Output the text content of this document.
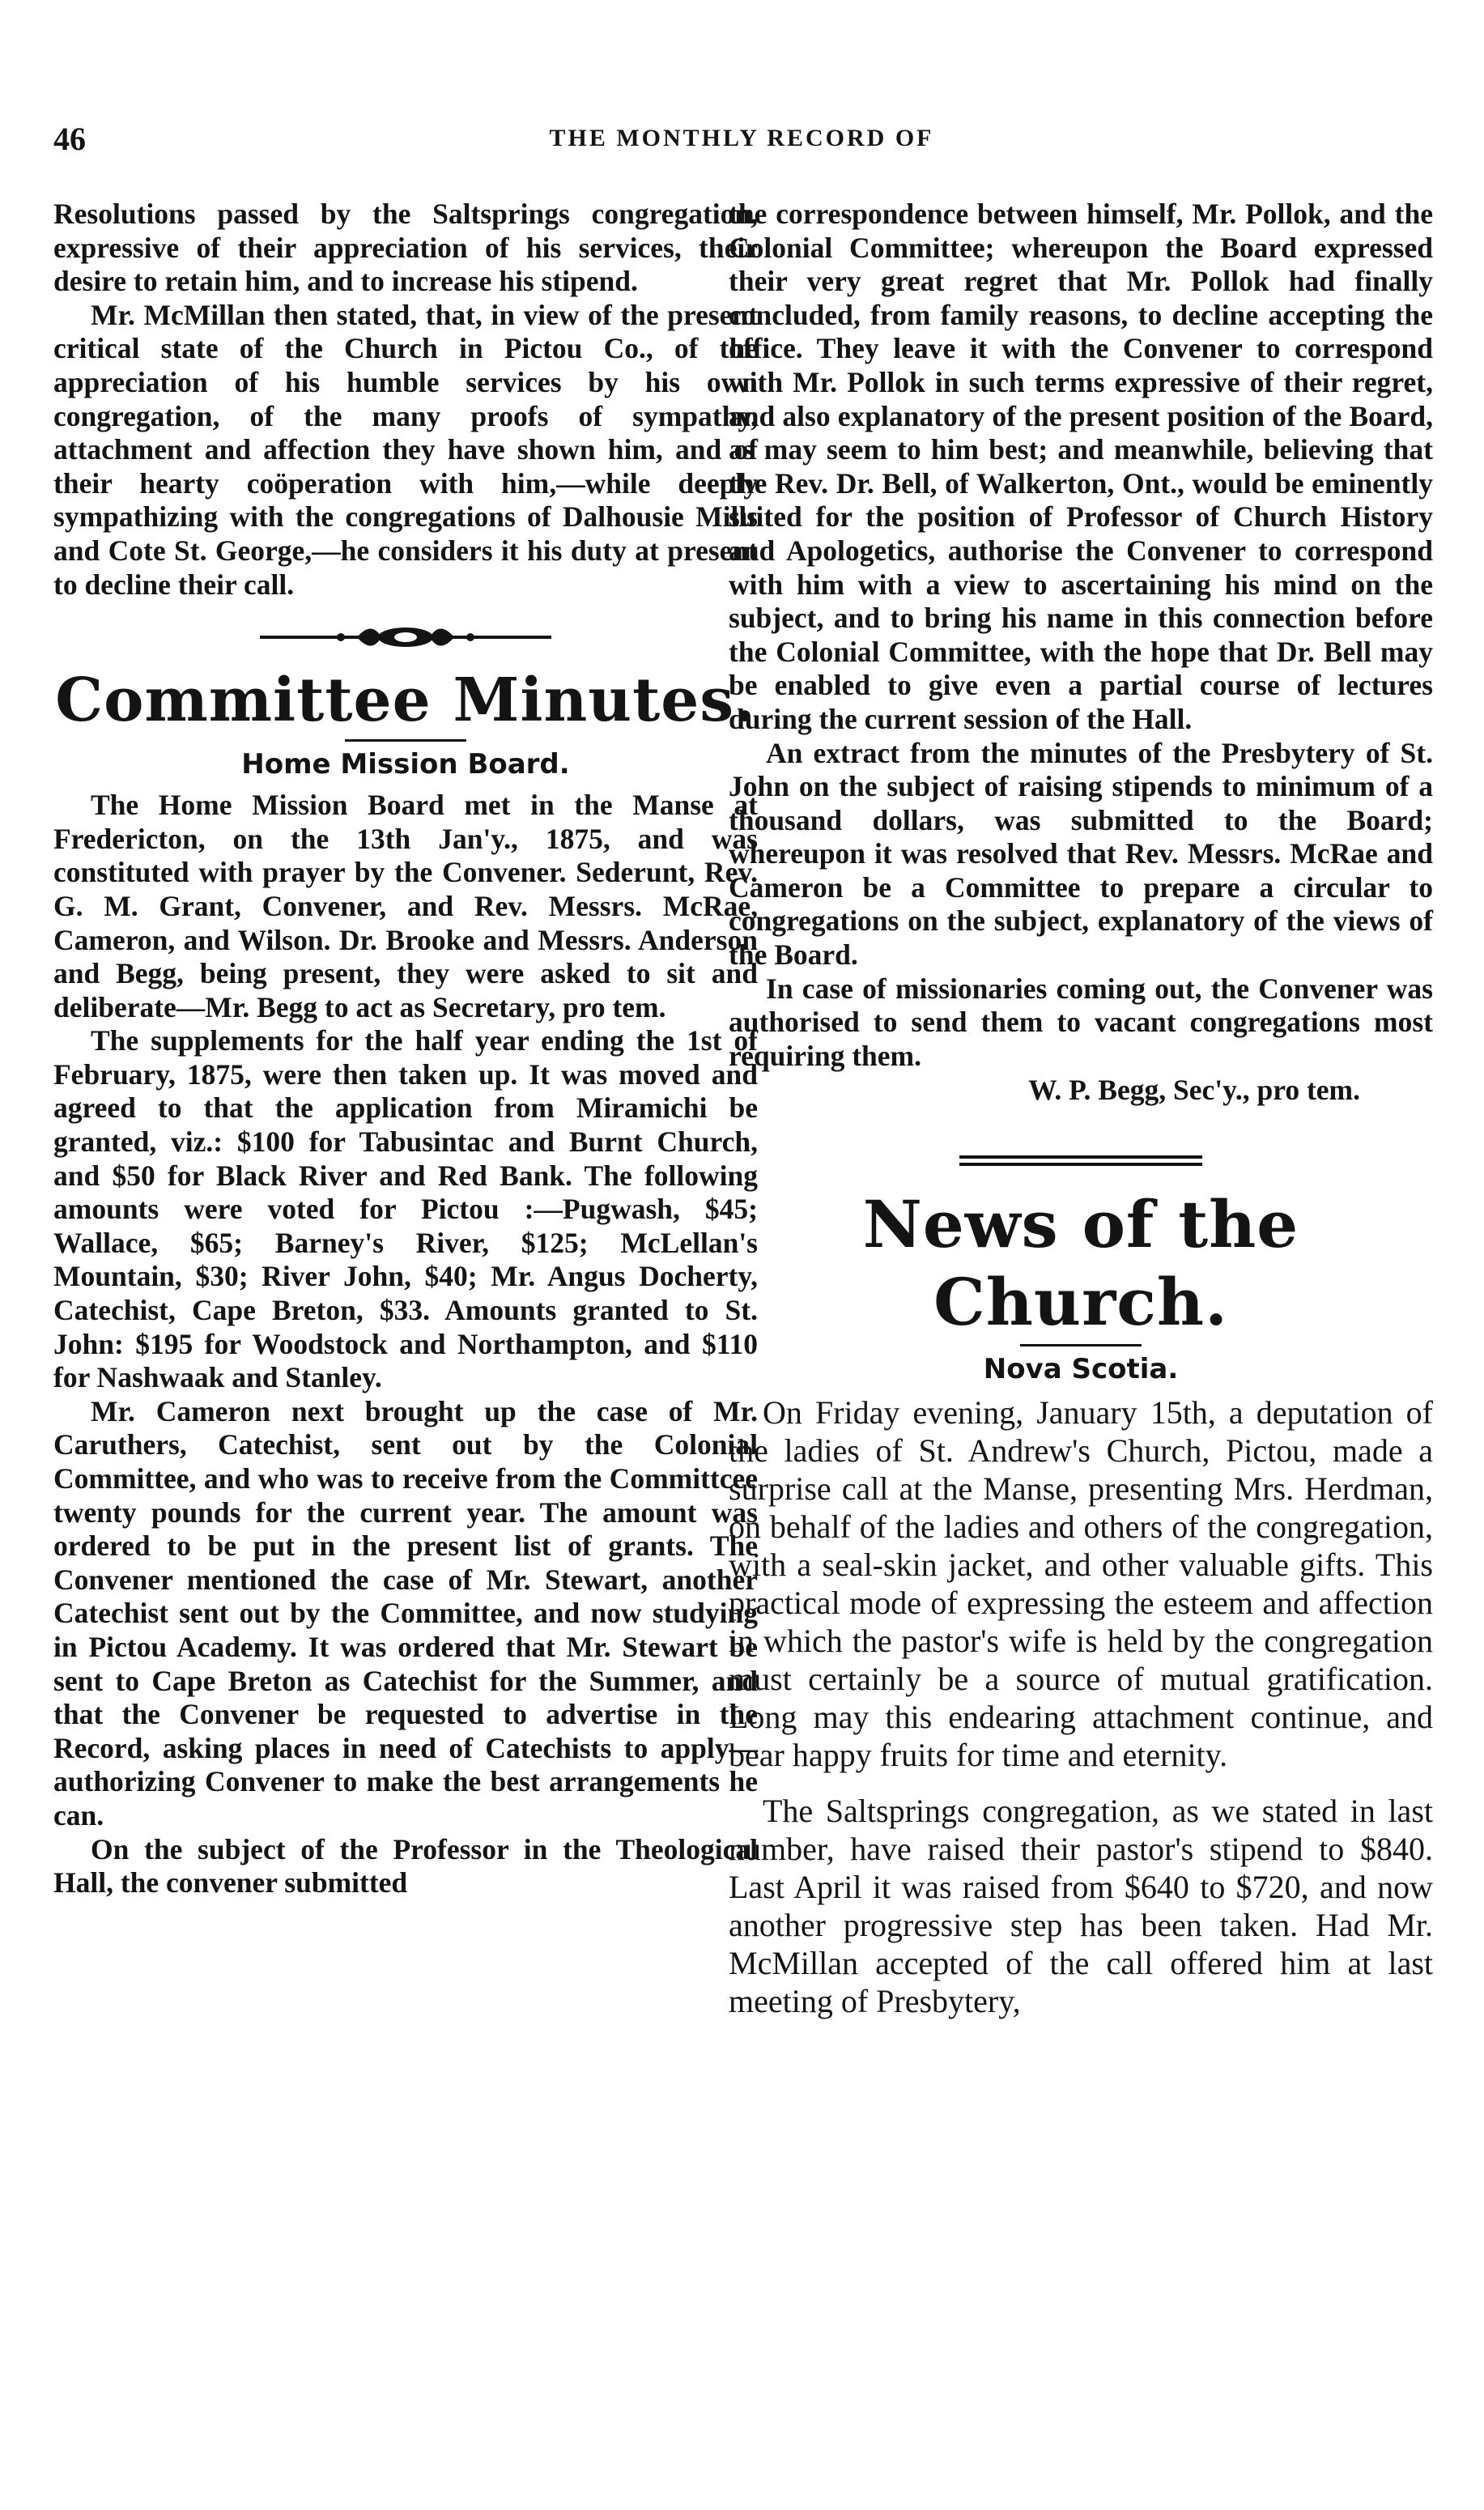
46	THE MONTHLY RECORD OF

Resolutions passed by the Saltsprings congregation, expressive of their appreciation of his services, their desire to retain him, and to increase his stipend.

Mr. McMillan then stated, that, in view of the present critical state of the Church in Pictou Co., of the appreciation of his humble services by his own congregation, of the many proofs of sympathy, attachment and affection they have shown him, and of their hearty coöperation with him,—while deeply sympathizing with the congregations of Dalhousie Mills and Cote St. George,—he considers it his duty at present to decline their call.

Committee Minutes.
Home Mission Board.

The Home Mission Board met in the Manse at Fredericton, on the 13th Jan'y., 1875, and was constituted with prayer by the Convener. Sederunt, Rev. G. M. Grant, Convener, and Rev. Messrs. McRae, Cameron, and Wilson. Dr. Brooke and Messrs. Anderson and Begg, being present, they were asked to sit and deliberate—Mr. Begg to act as Secretary, pro tem.

The supplements for the half year ending the 1st of February, 1875, were then taken up. It was moved and agreed to that the application from Miramichi be granted, viz.: $100 for Tabusintac and Burnt Church, and $50 for Black River and Red Bank. The following amounts were voted for Pictou :—Pugwash, $45; Wallace, $65; Barney's River, $125; McLellan's Mountain, $30; River John, $40; Mr. Angus Docherty, Catechist, Cape Breton, $33. Amounts granted to St. John: $195 for Woodstock and Northampton, and $110 for Nashwaak and Stanley.

Mr. Cameron next brought up the case of Mr. Caruthers, Catechist, sent out by the Colonial Committee, and who was to receive from the Committcee twenty pounds for the current year. The amount was ordered to be put in the present list of grants. The Convener mentioned the case of Mr. Stewart, another Catechist sent out by the Committee, and now studying in Pictou Academy. It was ordered that Mr. Stewart be sent to Cape Breton as Catechist for the Summer, and that the Convener be requested to advertise in the Record, asking places in need of Catechists to apply—authorizing Convener to make the best arrangements he can.

On the subject of the Professor in the Theological Hall, the convener submitted

the correspondence between himself, Mr. Pollok, and the Colonial Committee; whereupon the Board expressed their very great regret that Mr. Pollok had finally concluded, from family reasons, to decline accepting the office. They leave it with the Convener to correspond with Mr. Pollok in such terms expressive of their regret, and also explanatory of the present position of the Board, as may seem to him best; and meanwhile, believing that the Rev. Dr. Bell, of Walkerton, Ont., would be eminently suited for the position of Professor of Church History and Apologetics, authorise the Convener to correspond with him with a view to ascertaining his mind on the subject, and to bring his name in this connection before the Colonial Committee, with the hope that Dr. Bell may be enabled to give even a partial course of lectures during the current session of the Hall.

An extract from the minutes of the Presbytery of St. John on the subject of raising stipends to minimum of a thousand dollars, was submitted to the Board; whereupon it was resolved that Rev. Messrs. McRae and Cameron be a Committee to prepare a circular to congregations on the subject, explanatory of the views of the Board.

In case of missionaries coming out, the Convener was authorised to send them to vacant congregations most requiring them.

W. P. Begg, Sec'y., pro tem.
News of the Church.
Nova Scotia.

On Friday evening, January 15th, a deputation of the ladies of St. Andrew's Church, Pictou, made a surprise call at the Manse, presenting Mrs. Herdman, on behalf of the ladies and others of the congregation, with a seal-skin jacket, and other valuable gifts. This practical mode of expressing the esteem and affection in which the pastor's wife is held by the congregation must certainly be a source of mutual gratification. Long may this endearing attachment continue, and bear happy fruits for time and eternity.

The Saltsprings congregation, as we stated in last number, have raised their pastor's stipend to $840. Last April it was raised from $640 to $720, and now another progressive step has been taken. Had Mr. McMillan accepted of the call offered him at last meeting of Presbytery,
